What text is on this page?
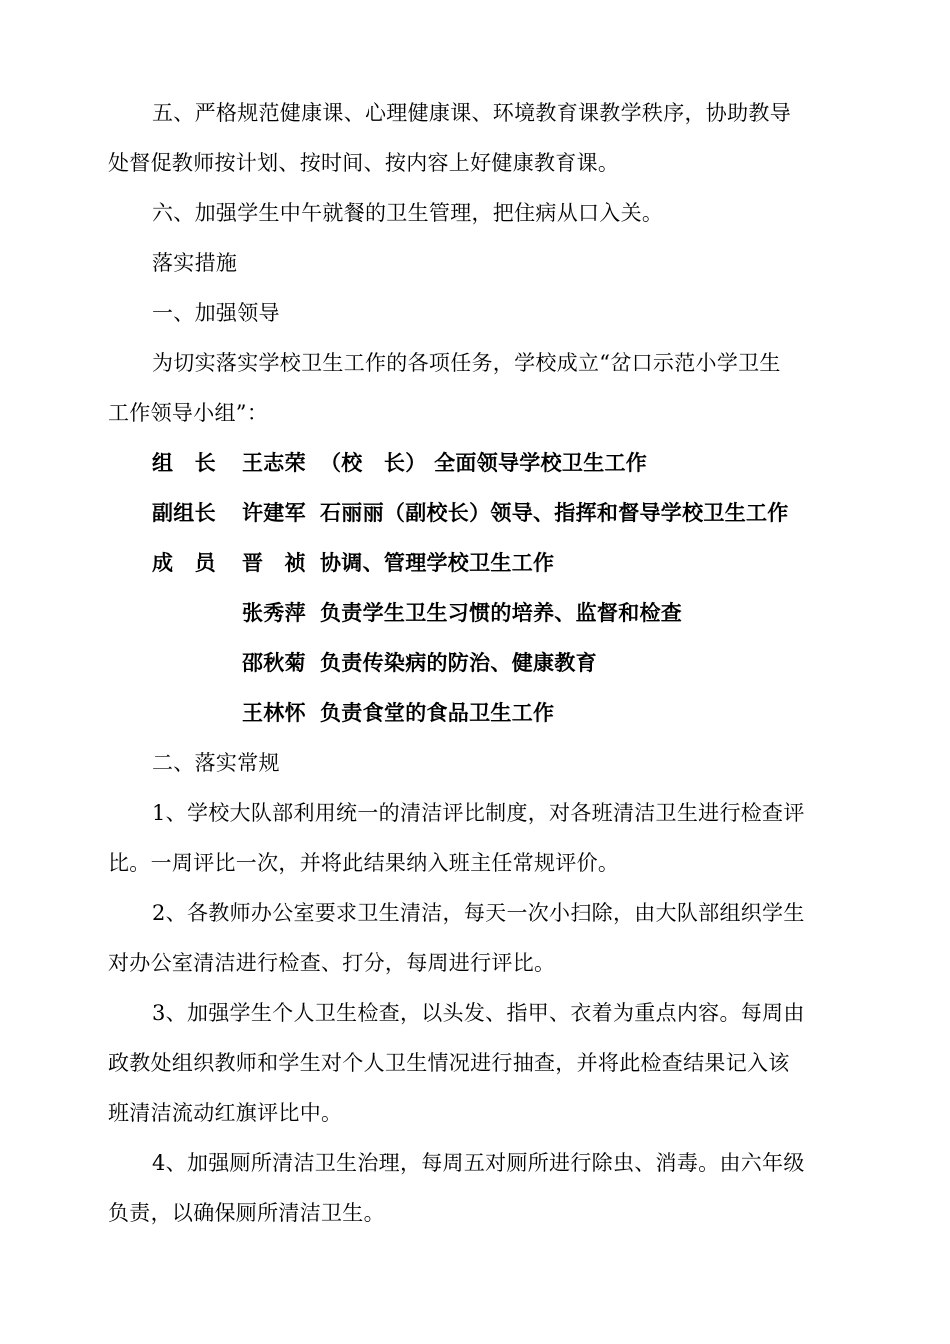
五、严格规范健康课、心理健康课、环境教育课教学秩序，协助教导
处督促教师按计划、按时间、按内容上好健康教育课。
六、加强学生中午就餐的卫生管理，把住病从口入关。
落实措施
一、加强领导
为切实落实学校卫生工作的各项任务，学校成立“岔口示范小学卫生
工作领导小组”：
组　长 王志荣 （校　长） 全面领导学校卫生工作
副组长 许建军 石丽丽（副校长）领导、指挥和督导学校卫生工作
成　员 晋　祯 协调、管理学校卫生工作
张秀萍 负责学生卫生习惯的培养、监督和检查
邵秋菊 负责传染病的防治、健康教育
王林怀 负责食堂的食品卫生工作
二、落实常规
1、学校大队部利用统一的清洁评比制度，对各班清洁卫生进行检查评
比。一周评比一次，并将此结果纳入班主任常规评价。
2、各教师办公室要求卫生清洁，每天一次小扫除，由大队部组织学生
对办公室清洁进行检查、打分，每周进行评比。
3、加强学生个人卫生检查，以头发、指甲、衣着为重点内容。每周由
政教处组织教师和学生对个人卫生情况进行抽查，并将此检查结果记入该
班清洁流动红旗评比中。
4、加强厕所清洁卫生治理，每周五对厕所进行除虫、消毒。由六年级
负责，以确保厕所清洁卫生。
